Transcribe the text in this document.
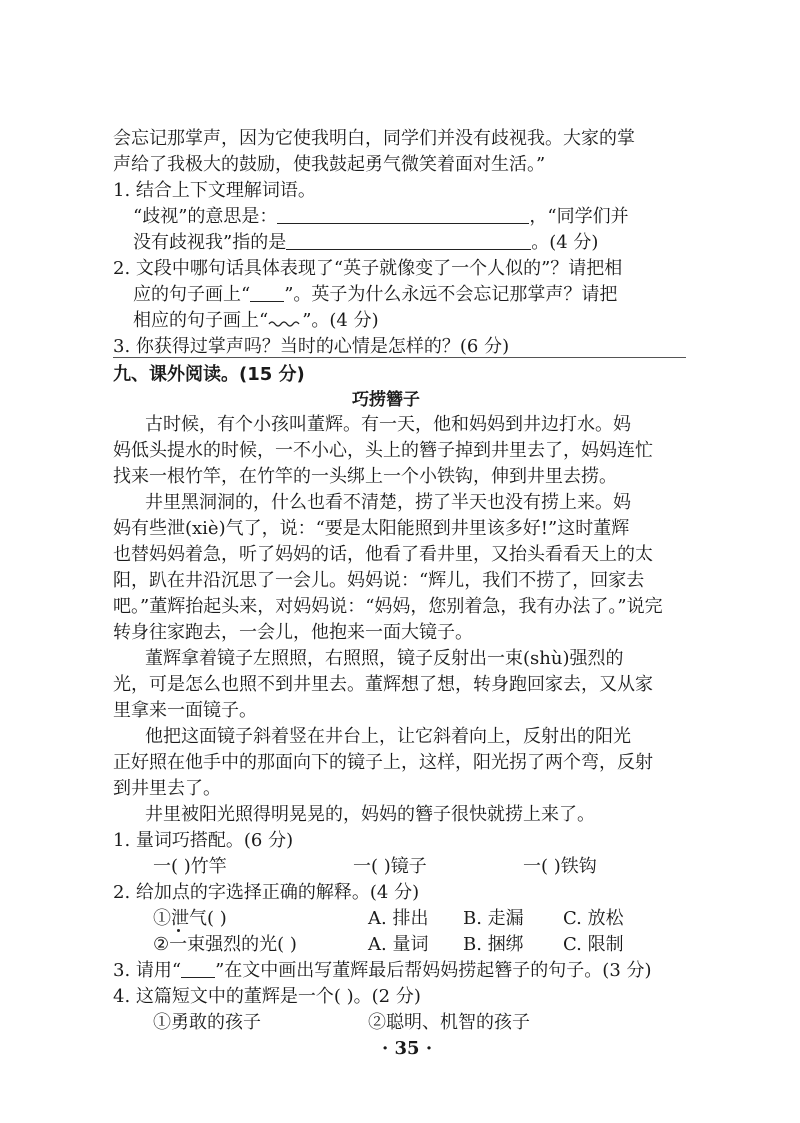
会忘记那掌声，因为它使我明白，同学们并没有歧视我。大家的掌
声给了我极大的鼓励，使我鼓起勇气微笑着面对生活。”
1. 结合上下文理解词语。
“歧视”的意思是：	，“同学们并
没有歧视我”指的是	。(4 分)
2. 文段中哪句话具体表现了“英子就像变了一个人似的”？请把相
应的句子画上“ ”。英子为什么永远不会忘记那掌声？请把
相应的句子画上“ ”。(4 分)
3. 你获得过掌声吗？当时的心情是怎样的？(6 分)
九、课外阅读。(15 分)
巧捞簪子
古时候，有个小孩叫董辉。有一天，他和妈妈到井边打水。妈
妈低头提水的时候，一不小心，头上的簪子掉到井里去了，妈妈连忙
找来一根竹竿，在竹竿的一头绑上一个小铁钩，伸到井里去捞。
井里黑洞洞的，什么也看不清楚，捞了半天也没有捞上来。妈
妈有些泄(xiè)气了，说：“要是太阳能照到井里该多好!”这时董辉
也替妈妈着急，听了妈妈的话，他看了看井里，又抬头看看天上的太
阳，趴在井沿沉思了一会儿。妈妈说：“辉儿，我们不捞了，回家去
吧。”董辉抬起头来，对妈妈说：“妈妈，您别着急，我有办法了。”说完
转身往家跑去，一会儿，他抱来一面大镜子。
董辉拿着镜子左照照，右照照，镜子反射出一束(shù)强烈的
光，可是怎么也照不到井里去。董辉想了想，转身跑回家去，又从家
里拿来一面镜子。
他把这面镜子斜着竖在井台上，让它斜着向上，反射出的阳光
正好照在他手中的那面向下的镜子上，这样，阳光拐了两个弯，反射
到井里去了。
井里被阳光照得明晃晃的，妈妈的簪子很快就捞上来了。
1. 量词巧搭配。(6 分)
一( )竹竿	一( )镜子	一( )铁钩
2. 给加点的字选择正确的解释。(4 分)
①泄气( )	A. 排出 B. 走漏 C. 放松
②一束强烈的光( )	A. 量词 B. 捆绑 C. 限制
3. 请用“ ”在文中画出写董辉最后帮妈妈捞起簪子的句子。(3 分)
4. 这篇短文中的董辉是一个( )。(2 分)
①勇敢的孩子	②聪明、机智的孩子
· 35 ·
